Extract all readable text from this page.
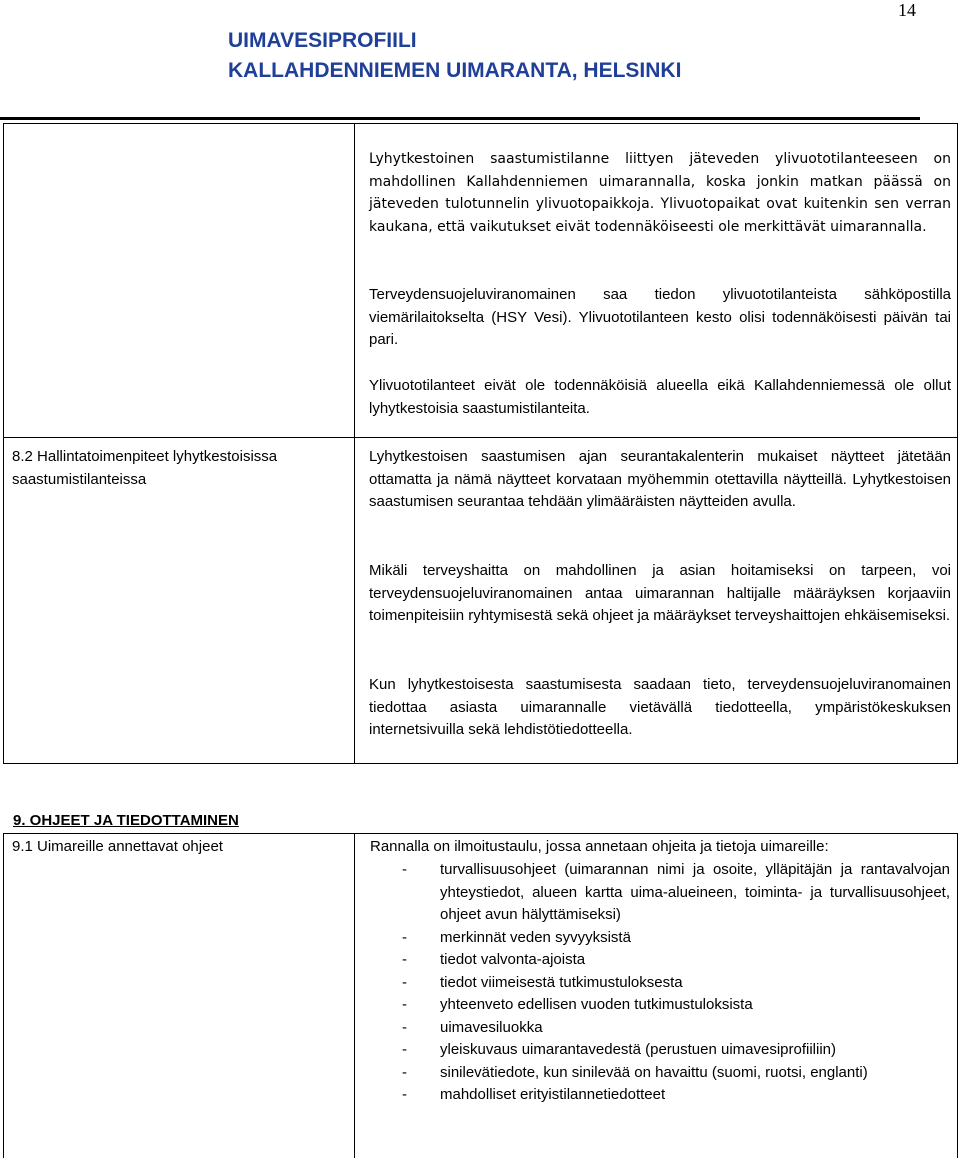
14
UIMAVESIPROFIILI
KALLAHDENNIEMEN UIMARANTA, HELSINKI

Lyhytkestoinen saastumistilanne liittyen jäteveden ylivuototilanteeseen on mahdollinen Kallahdenniemen uimarannalla, koska jonkin matkan päässä on jäteveden tulotunnelin ylivuotopaikkoja. Ylivuotopaikat ovat kuitenkin sen verran kaukana, että vaikutukset eivät todennäköiseesti ole merkittävät uimarannalla.

Terveydensuojeluviranomainen saa tiedon ylivuototilanteista sähköpostilla viemärilaitokselta (HSY Vesi). Ylivuototilanteen kesto olisi todennäköisesti päivän tai pari.

Ylivuototilanteet eivät ole todennäköisiä alueella eikä Kallahdenniemessä ole ollut lyhytkestoisia saastumistilanteita.

8.2 Hallintatoimenpiteet lyhytkestoisissa saastumistilanteissa

Lyhytkestoisen saastumisen ajan seurantakalenterin mukaiset näytteet jätetään ottamatta ja nämä näytteet korvataan myöhemmin otettavilla näytteillä. Lyhytkestoisen saastumisen seurantaa tehdään ylimääräisten näytteiden avulla.

Mikäli terveyshaitta on mahdollinen ja asian hoitamiseksi on tarpeen, voi terveydensuojeluviranomainen antaa uimarannan haltijalle määräyksen korjaaviin toimenpiteisiin ryhtymisestä sekä ohjeet ja määräykset terveyshaittojen ehkäisemiseksi.

Kun lyhytkestoisesta saastumisesta saadaan tieto, terveydensuojeluviranomainen tiedottaa asiasta uimarannalle vietävällä tiedotteella, ympäristökeskuksen internetsivuilla sekä lehdistötiedotteella.

9. OHJEET JA TIEDOTTAMINEN
9.1 Uimareille annettavat ohjeet	Rannalla on ilmoitustaulu, jossa annetaan ohjeita ja tietoja uimareille:
- turvallisuusohjeet (uimarannan nimi ja osoite, ylläpitäjän ja rantavalvojan yhteystiedot, alueen kartta uima-alueineen, toiminta- ja turvallisuusohjeet, ohjeet avun hälyttämiseksi)
- merkinnät veden syvyyksistä
- tiedot valvonta-ajoista
- tiedot viimeisestä tutkimustuloksesta
- yhteenveto edellisen vuoden tutkimustuloksista
- uimavesiluokka
- yleiskuvaus uimarantavedestä (perustuen uimavesiprofiiliin)
- sinilevätiedote, kun sinilevää on havaittu (suomi, ruotsi, englanti)
- mahdolliset erityistilannetiedotteet
